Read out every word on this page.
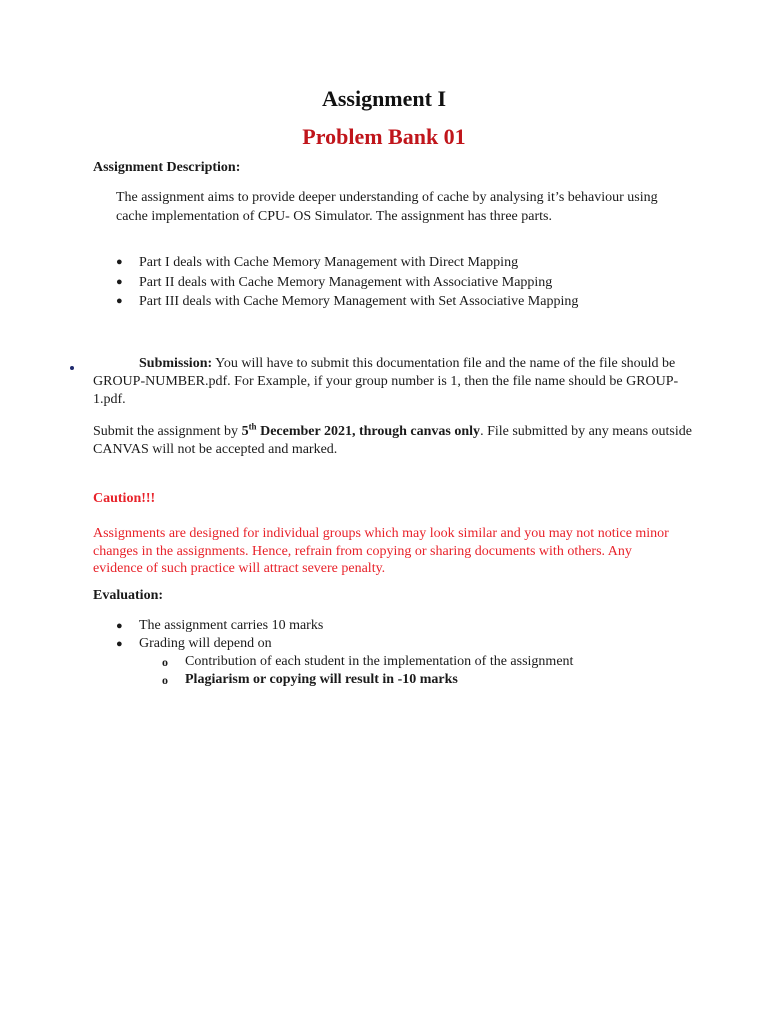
Assignment I
Problem Bank 01
Assignment Description:
The assignment aims to provide deeper understanding of cache by analysing it’s behaviour using cache implementation of CPU- OS Simulator. The assignment has three parts.
● Part I deals with Cache Memory Management with Direct Mapping
● Part II deals with Cache Memory Management with Associative Mapping
● Part III deals with Cache Memory Management with Set Associative Mapping
Submission: You will have to submit this documentation file and the name of the file should be GROUP-NUMBER.pdf. For Example, if your group number is 1, then the file name should be GROUP-1.pdf.
Submit the assignment by 5th December 2021, through canvas only. File submitted by any means outside CANVAS will not be accepted and marked.
Caution!!!
Assignments are designed for individual groups which may look similar and you may not notice minor changes in the assignments. Hence, refrain from copying or sharing documents with others. Any evidence of such practice will attract severe penalty.
Evaluation:
● The assignment carries 10 marks
● Grading will depend on
o Contribution of each student in the implementation of the assignment
o Plagiarism or copying will result in -10 marks
